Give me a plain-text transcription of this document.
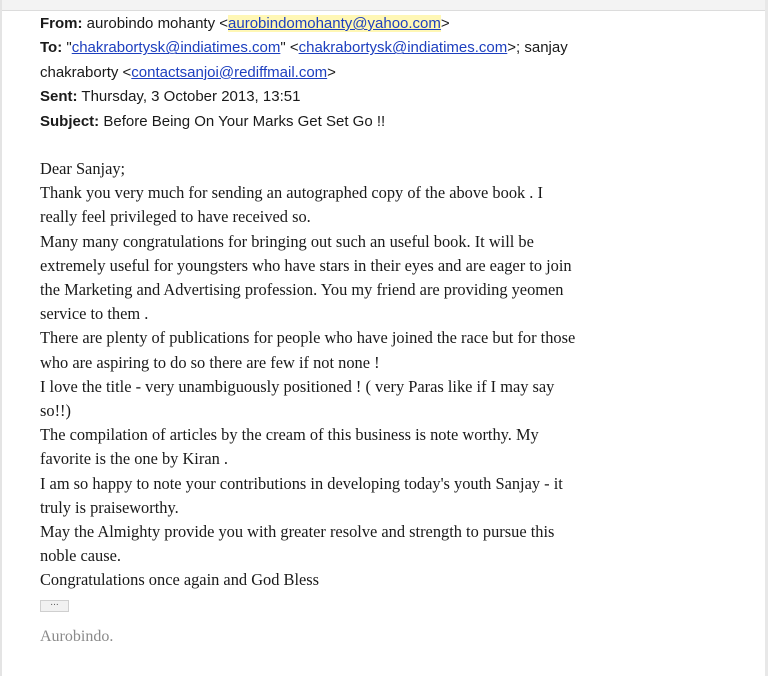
From: aurobindo mohanty <aurobindomohanty@yahoo.com>
To: "chakrabortysk@indiatimes.com" <chakrabortysk@indiatimes.com>; sanjay
chakraborty <contactsanjoi@rediffmail.com>
Sent: Thursday, 3 October 2013, 13:51
Subject: Before Being On Your Marks Get Set Go !!

Dear Sanjay;

Thank you very much for sending an autographed copy of the above book . I

really feel privileged to have received so.

Many many congratulations for bringing out such an useful book. It will be

extremely useful for youngsters who have stars in their eyes and are eager to join

the Marketing and Advertising profession. You my friend are providing yeomen

service to them .

There are plenty of publications for people who have joined the race but for those

who are aspiring to do so there are few if not none !

I love the title - very unambiguously positioned ! ( very Paras like if I may say

so!!)

The compilation of articles by the cream of this business is note worthy. My

favorite is the one by Kiran .

I am so happy to note your contributions in developing today's youth Sanjay - it

truly is praiseworthy.

May the Almighty provide you with greater resolve and strength to pursue this

noble cause.

Congratulations once again and God Bless

...
Aurobindo.
